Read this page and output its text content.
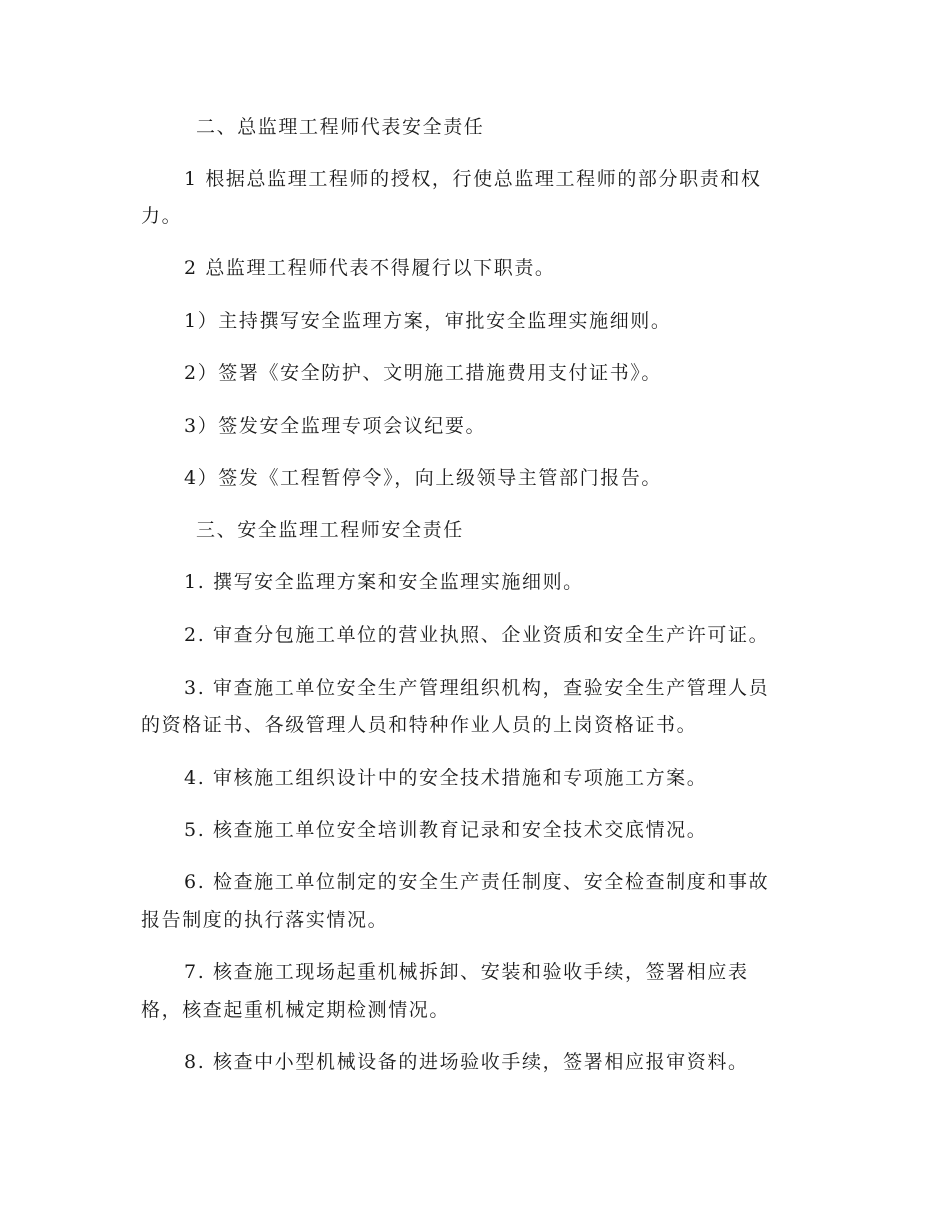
二、总监理工程师代表安全责任
1 根据总监理工程师的授权，行使总监理工程师的部分职责和权
力。
2 总监理工程师代表不得履行以下职责。
1）主持撰写安全监理方案，审批安全监理实施细则。
2）签署《安全防护、文明施工措施费用支付证书》。
3）签发安全监理专项会议纪要。
4）签发《工程暂停令》，向上级领导主管部门报告。
三、安全监理工程师安全责任
1. 撰写安全监理方案和安全监理实施细则。
2. 审查分包施工单位的营业执照、企业资质和安全生产许可证。
3. 审查施工单位安全生产管理组织机构，查验安全生产管理人员
的资格证书、各级管理人员和特种作业人员的上岗资格证书。
4. 审核施工组织设计中的安全技术措施和专项施工方案。
5. 核查施工单位安全培训教育记录和安全技术交底情况。
6. 检查施工单位制定的安全生产责任制度、安全检查制度和事故
报告制度的执行落实情况。
7. 核查施工现场起重机械拆卸、安装和验收手续，签署相应表
格，核查起重机械定期检测情况。
8. 核查中小型机械设备的进场验收手续，签署相应报审资料。
